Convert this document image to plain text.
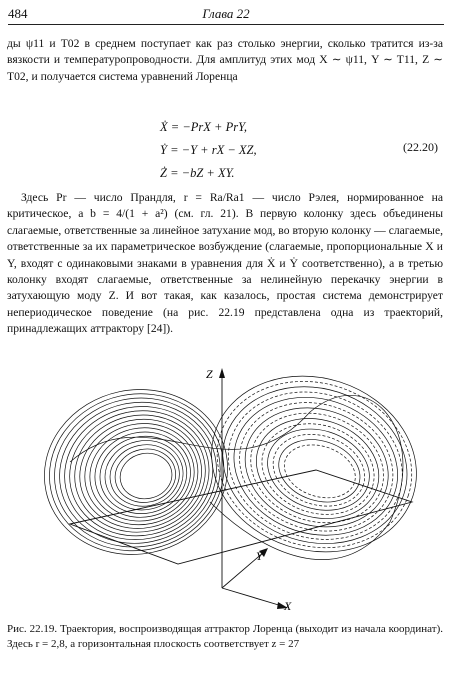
484	Глава 22

ды ψ11 и T02 в среднем поступает как раз столько энергии, сколько тратится из-за вязкости и температуропроводности. Для амплитуд этих мод X ∼ ψ11, Y ∼ T11, Z ∼ T02, и получается система уравнений Лоренца

Ẋ = −PrX + PrY,
Ẏ = −Y + rX − XZ,
Ż = −bZ + XY.
(22.20)

Здесь Pr — число Прандля, r = Ra/Ra1 — число Рэлея, нормированное на критическое, а b = 4/(1 + a²) (см. гл. 21). В первую колонку здесь объединены слагаемые, ответственные за линейное затухание мод, во вторую колонку — слагаемые, ответственные за их параметрическое возбуждение (слагаемые, пропорциональные X и Y, входят с одинаковыми знаками в уравнения для Ẋ и Ẏ соответственно), а в третью колонку входят слагаемые, ответственные за нелинейную перекачку энергии в затухающую моду Z. И вот такая, как казалось, простая система демонстрирует непериодическое поведение (на рис. 22.19 представлена одна из траекторий, принадлежащих аттрактору [24]).

Z
Y
X

Рис. 22.19. Траектория, воспроизводящая аттрактор Лоренца (выходит из начала координат). Здесь r = 2,8, а горизонтальная плоскость соответствует z = 27
